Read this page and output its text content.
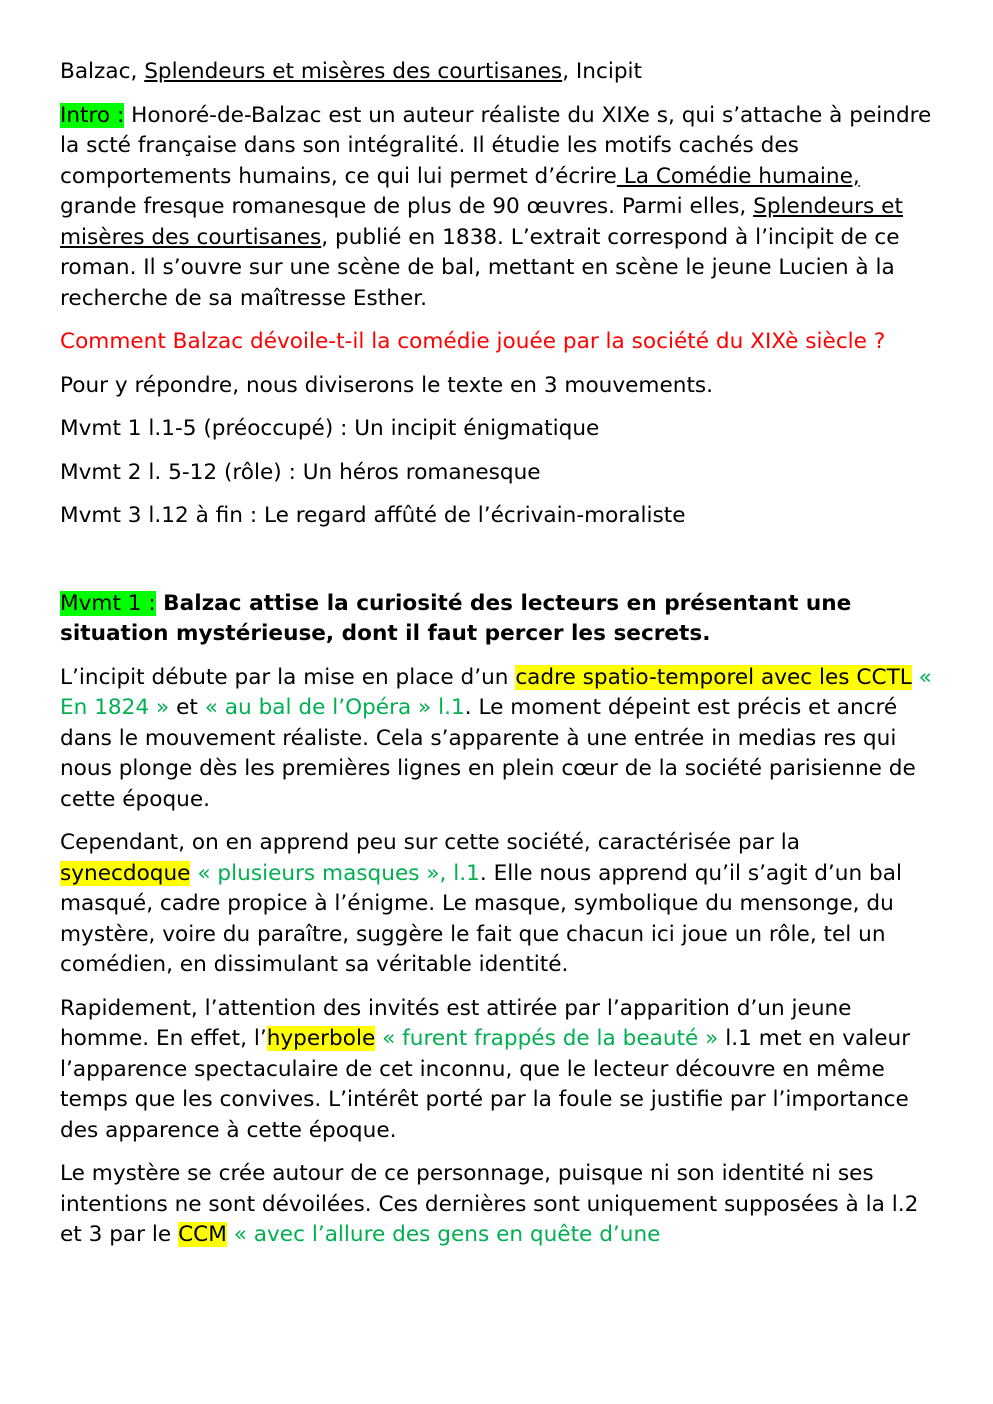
Balzac, Splendeurs et misères des courtisanes, Incipit

Intro : Honoré-de-Balzac est un auteur réaliste du XIXe s, qui s’attache à peindre la scté française dans son intégralité. Il étudie les motifs cachés des comportements humains, ce qui lui permet d’écrire La Comédie humaine, grande fresque romanesque de plus de 90 œuvres. Parmi elles, Splendeurs et misères des courtisanes, publié en 1838. L’extrait correspond à l’incipit de ce roman. Il s’ouvre sur une scène de bal, mettant en scène le jeune Lucien à la recherche de sa maîtresse Esther.

Comment Balzac dévoile-t-il la comédie jouée par la société du XIXè siècle ?

Pour y répondre, nous diviserons le texte en 3 mouvements.

Mvmt 1 l.1-5 (préoccupé) : Un incipit énigmatique

Mvmt 2 l. 5-12 (rôle) : Un héros romanesque

Mvmt 3 l.12 à fin : Le regard affûté de l’écrivain-moraliste

Mvmt 1 : Balzac attise la curiosité des lecteurs en présentant une situation mystérieuse, dont il faut percer les secrets.

L’incipit débute par la mise en place d’un cadre spatio-temporel avec les CCTL « En 1824 » et « au bal de l’Opéra » l.1. Le moment dépeint est précis et ancré dans le mouvement réaliste. Cela s’apparente à une entrée in medias res qui nous plonge dès les premières lignes en plein cœur de la société parisienne de cette époque.

Cependant, on en apprend peu sur cette société, caractérisée par la synecdoque « plusieurs masques », l.1. Elle nous apprend qu’il s’agit d’un bal masqué, cadre propice à l’énigme. Le masque, symbolique du mensonge, du mystère, voire du paraître, suggère le fait que chacun ici joue un rôle, tel un comédien, en dissimulant sa véritable identité.

Rapidement, l’attention des invités est attirée par l’apparition d’un jeune homme. En effet, l’hyperbole « furent frappés de la beauté » l.1 met en valeur l’apparence spectaculaire de cet inconnu, que le lecteur découvre en même temps que les convives. L’intérêt porté par la foule se justifie par l’importance des apparence à cette époque.

Le mystère se crée autour de ce personnage, puisque ni son identité ni ses intentions ne sont dévoilées. Ces dernières sont uniquement supposées à la l.2 et 3 par le CCM « avec l’allure des gens en quête d’une
